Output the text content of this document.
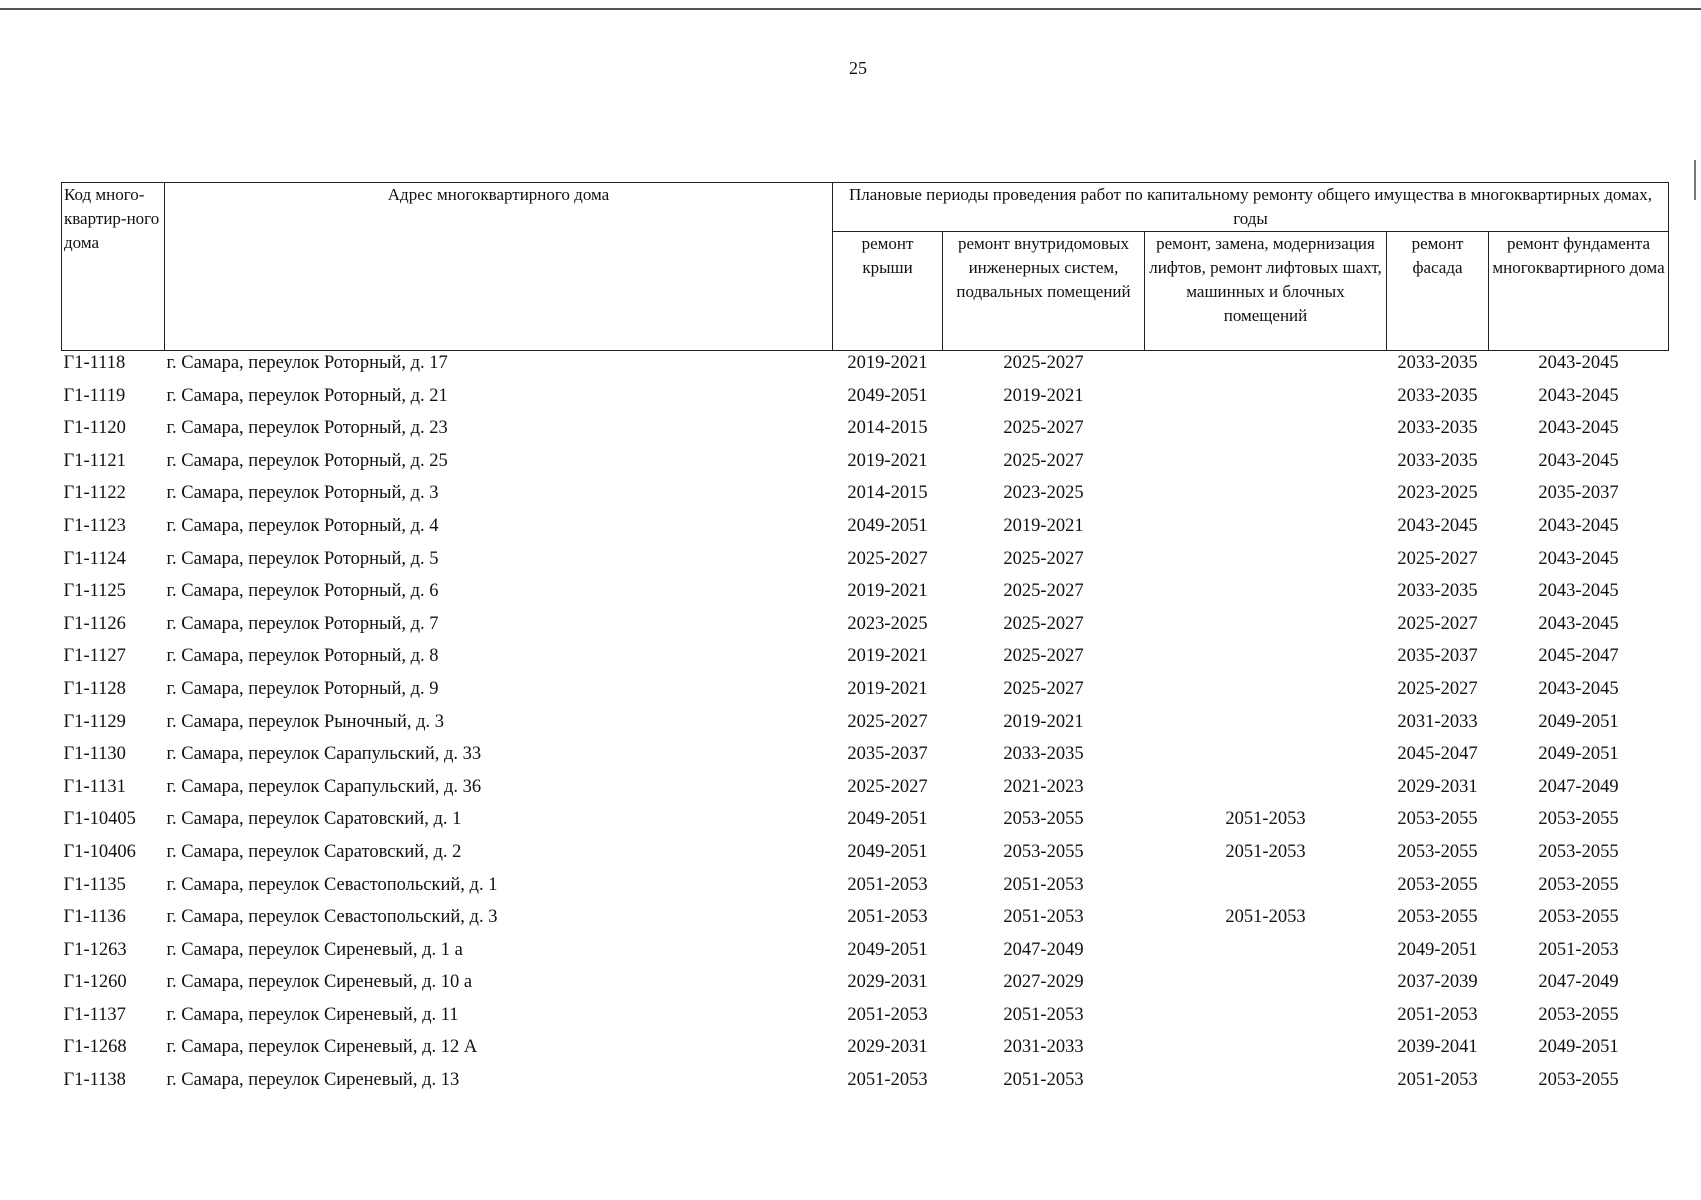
25
Код много-квартир-ного дома	Адрес многоквартирного дома	Плановые периоды проведения работ по капитальному ремонту общего имущества в многоквартирных домах, годы				
		ремонт крыши	ремонт внутридомовых инженерных систем, подвальных помещений	ремонт, замена, модернизация лифтов, ремонт лифтовых шахт, машинных и блочных помещений	ремонт фасада	ремонт фундамента многоквартирного дома
Г1-1118	г. Самара, переулок Роторный, д. 17	2019-2021	2025-2027		2033-2035	2043-2045
Г1-1119	г. Самара, переулок Роторный, д. 21	2049-2051	2019-2021		2033-2035	2043-2045
Г1-1120	г. Самара, переулок Роторный, д. 23	2014-2015	2025-2027		2033-2035	2043-2045
Г1-1121	г. Самара, переулок Роторный, д. 25	2019-2021	2025-2027		2033-2035	2043-2045
Г1-1122	г. Самара, переулок Роторный, д. 3	2014-2015	2023-2025		2023-2025	2035-2037
Г1-1123	г. Самара, переулок Роторный, д. 4	2049-2051	2019-2021		2043-2045	2043-2045
Г1-1124	г. Самара, переулок Роторный, д. 5	2025-2027	2025-2027		2025-2027	2043-2045
Г1-1125	г. Самара, переулок Роторный, д. 6	2019-2021	2025-2027		2033-2035	2043-2045
Г1-1126	г. Самара, переулок Роторный, д. 7	2023-2025	2025-2027		2025-2027	2043-2045
Г1-1127	г. Самара, переулок Роторный, д. 8	2019-2021	2025-2027		2035-2037	2045-2047
Г1-1128	г. Самара, переулок Роторный, д. 9	2019-2021	2025-2027		2025-2027	2043-2045
Г1-1129	г. Самара, переулок Рыночный, д. 3	2025-2027	2019-2021		2031-2033	2049-2051
Г1-1130	г. Самара, переулок Сарапульский, д. 33	2035-2037	2033-2035		2045-2047	2049-2051
Г1-1131	г. Самара, переулок Сарапульский, д. 36	2025-2027	2021-2023		2029-2031	2047-2049
Г1-10405	г. Самара, переулок Саратовский, д. 1	2049-2051	2053-2055	2051-2053	2053-2055	2053-2055
Г1-10406	г. Самара, переулок Саратовский, д. 2	2049-2051	2053-2055	2051-2053	2053-2055	2053-2055
Г1-1135	г. Самара, переулок Севастопольский, д. 1	2051-2053	2051-2053		2053-2055	2053-2055
Г1-1136	г. Самара, переулок Севастопольский, д. 3	2051-2053	2051-2053	2051-2053	2053-2055	2053-2055
Г1-1263	г. Самара, переулок Сиреневый, д. 1 а	2049-2051	2047-2049		2049-2051	2051-2053
Г1-1260	г. Самара, переулок Сиреневый, д. 10 а	2029-2031	2027-2029		2037-2039	2047-2049
Г1-1137	г. Самара, переулок Сиреневый, д. 11	2051-2053	2051-2053		2051-2053	2053-2055
Г1-1268	г. Самара, переулок Сиреневый, д. 12 А	2029-2031	2031-2033		2039-2041	2049-2051
Г1-1138	г. Самара, переулок Сиреневый, д. 13	2051-2053	2051-2053		2051-2053	2053-2055
